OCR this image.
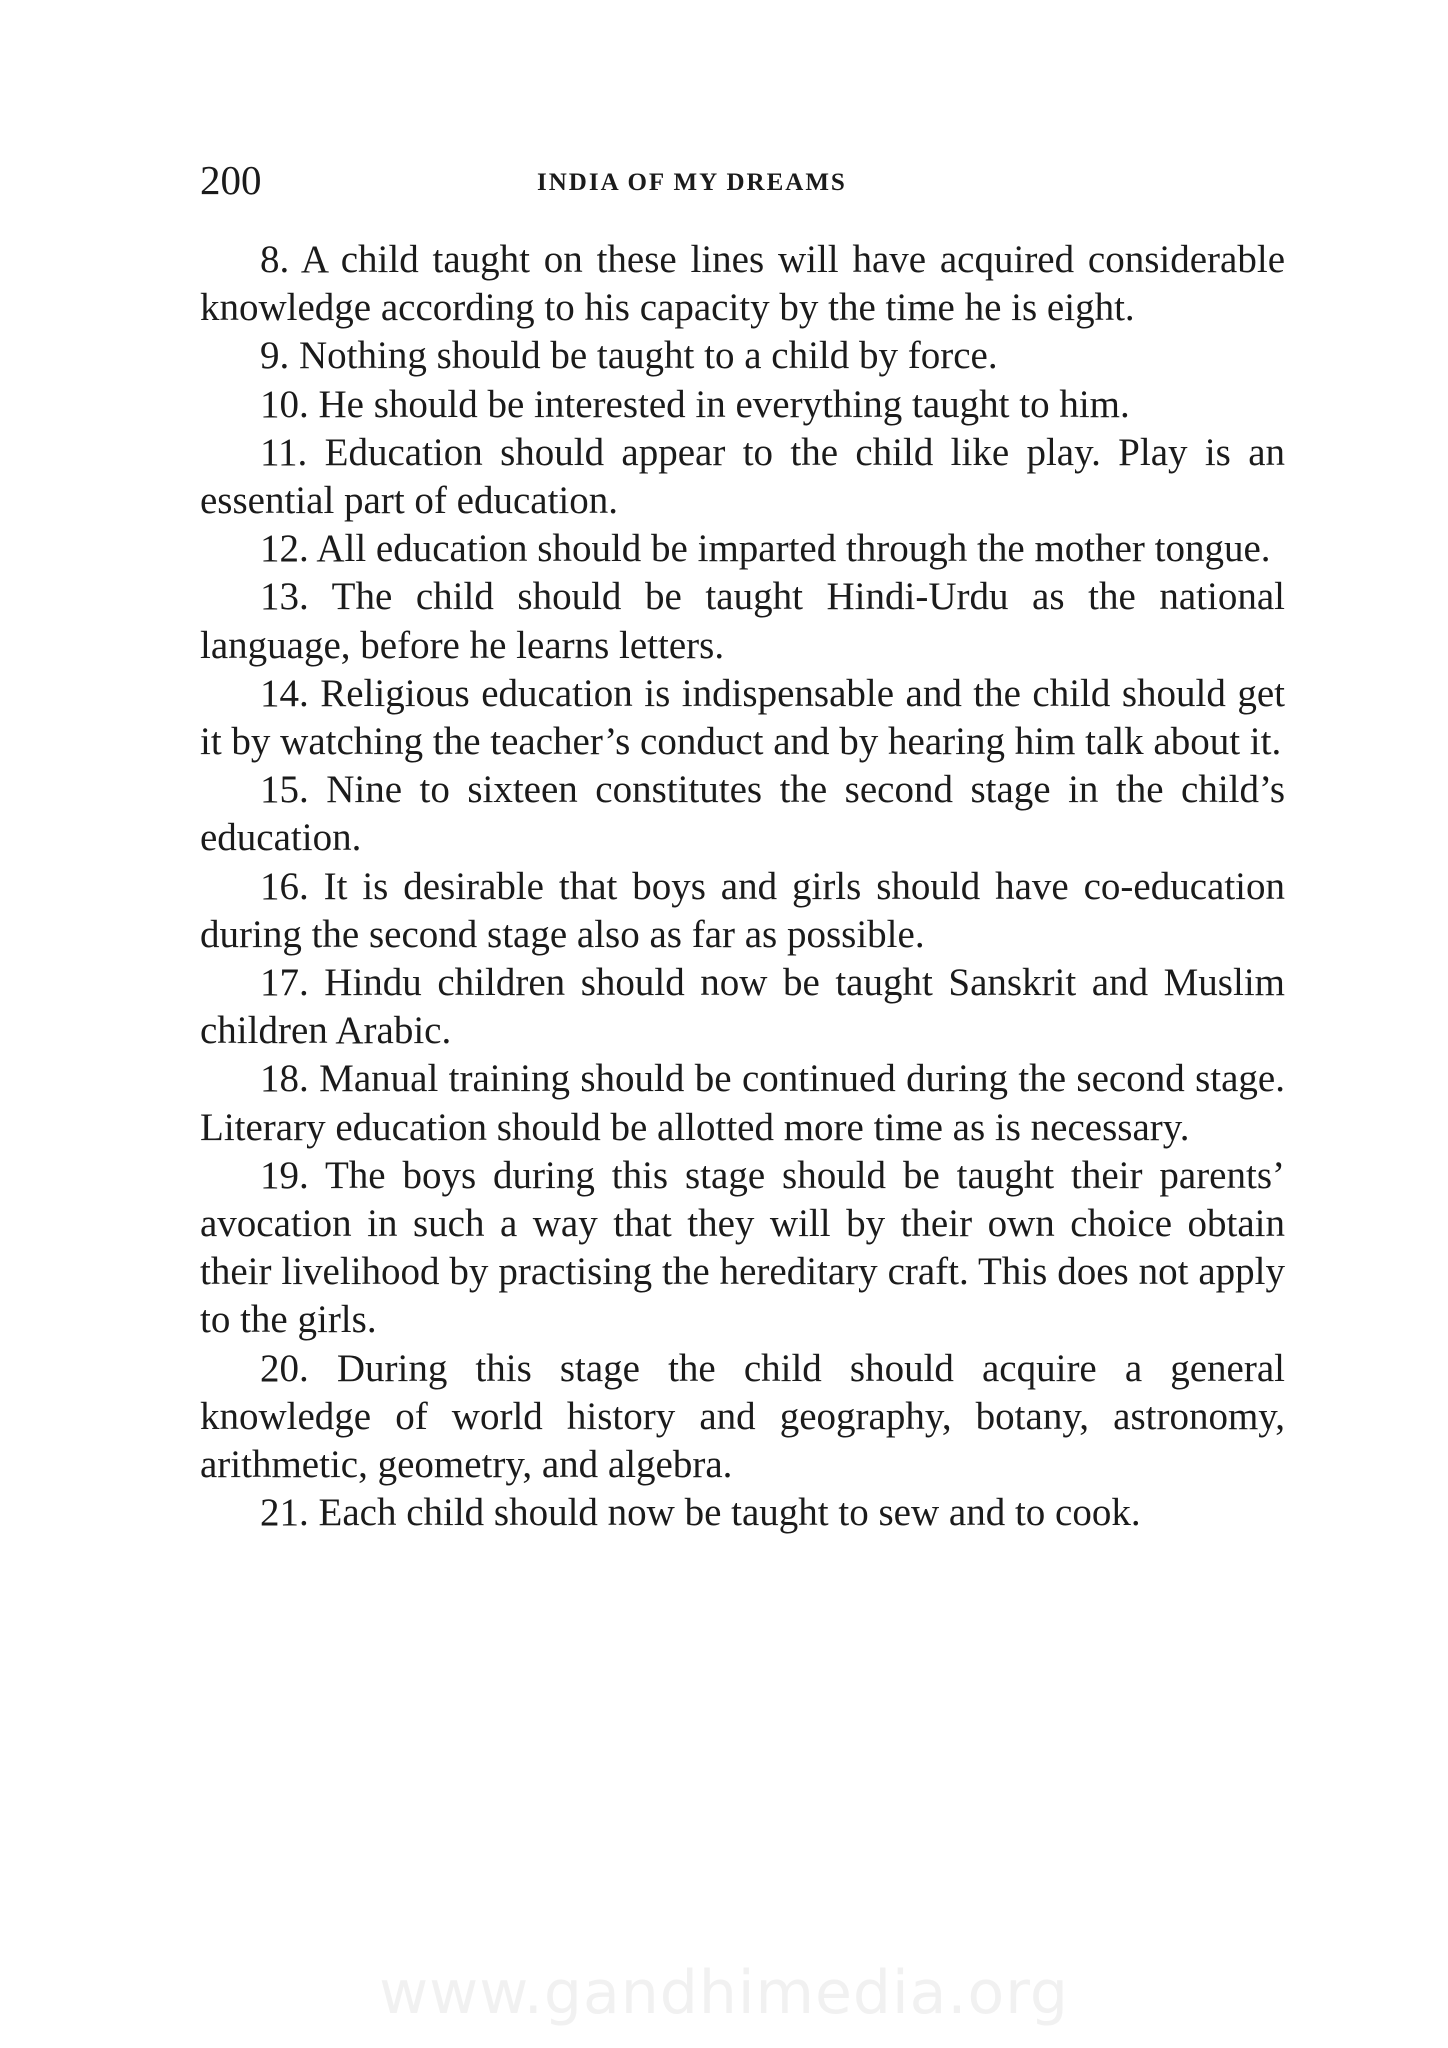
200	INDIA OF MY DREAMS

8. A child taught on these lines will have acquired considerable knowledge according to his capacity by the time he is eight.

9. Nothing should be taught to a child by force.

10. He should be interested in everything taught to him.

11. Education should appear to the child like play. Play is an essential part of education.

12. All education should be imparted through the mother tongue.

13. The child should be taught Hindi-Urdu as the national language, before he learns letters.

14. Religious education is indispensable and the child should get it by watching the teacher’s conduct and by hearing him talk about it.

15. Nine to sixteen constitutes the second stage in the child’s education.

16. It is desirable that boys and girls should have co-education during the second stage also as far as possible.

17. Hindu children should now be taught Sanskrit and Muslim children Arabic.

18. Manual training should be continued during the second stage. Literary education should be allotted more time as is necessary.

19. The boys during this stage should be taught their parents’ avocation in such a way that they will by their own choice obtain their livelihood by practising the hereditary craft. This does not apply to the girls.

20. During this stage the child should acquire a general knowledge of world history and geography, botany, astronomy, arithmetic, geometry, and algebra.

21. Each child should now be taught to sew and to cook.

www.gandhimedia.org
